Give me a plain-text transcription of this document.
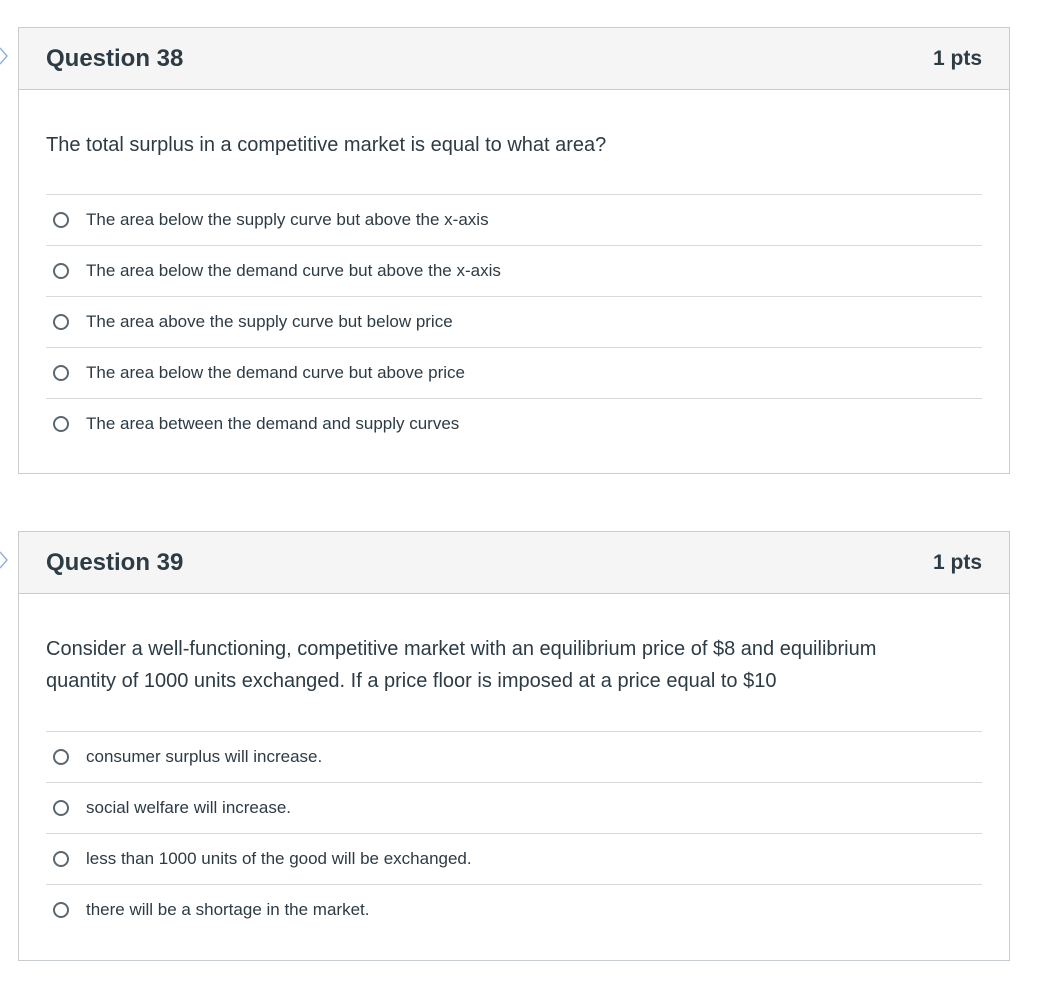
Question 38	1 pts

The total surplus in a competitive market is equal to what area?

The area below the supply curve but above the x-axis
The area below the demand curve but above the x-axis
The area above the supply curve but below price
The area below the demand curve but above price
The area between the demand and supply curves
Question 39	1 pts
Consider a well-functioning, competitive market with an equilibrium price of $8 and equilibrium
quantity of 1000 units exchanged. If a price floor is imposed at a price equal to $10
consumer surplus will increase.
social welfare will increase.
less than 1000 units of the good will be exchanged.
there will be a shortage in the market.
